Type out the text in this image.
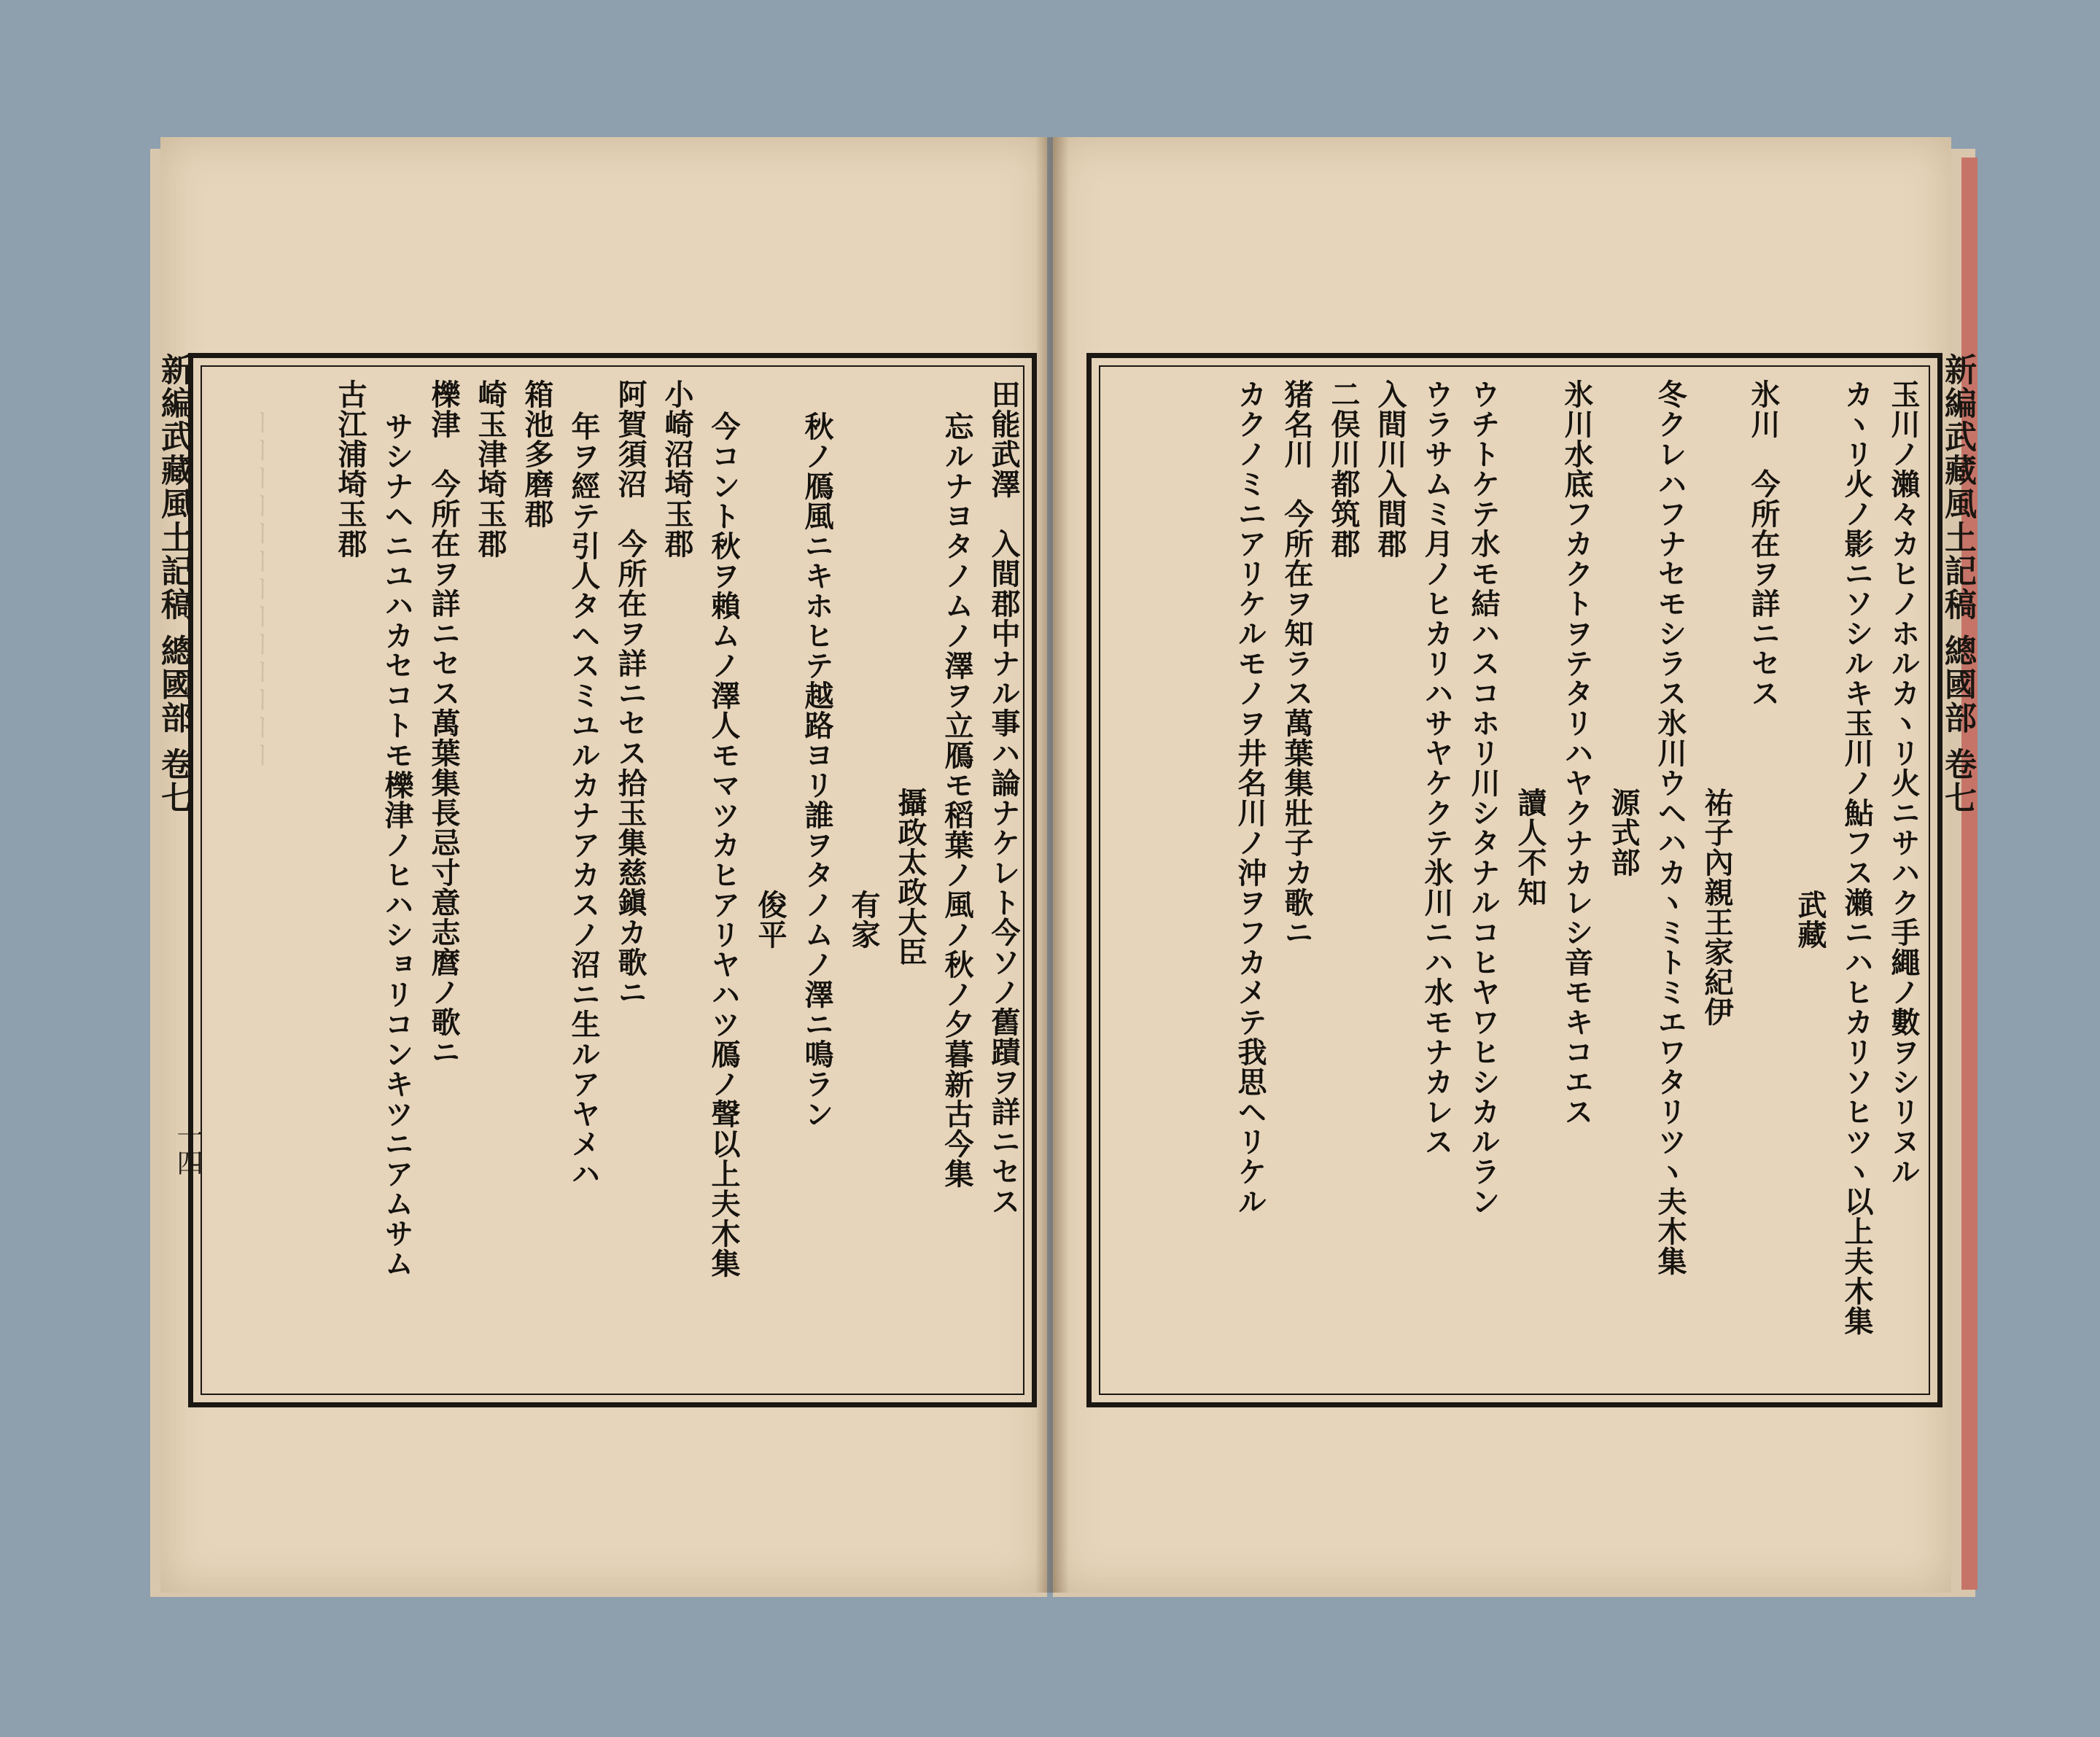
ーーーーーーーーーーーーー
新編武藏風土記稿 總國部 卷七
十四
新編武藏風土記稿 總國部 卷七
田能武澤　入間郡中ナル事ハ論ナケレト今ソノ舊蹟ヲ詳ニセス
忘ルナヨタノムノ澤ヲ立鴈モ稻葉ノ風ノ秋ノ夕暮新古今集
攝政太政大臣
有家
秋ノ鴈風ニキホヒテ越路ヨリ誰ヲタノムノ澤ニ鳴ラン
俊平
今コント秋ヲ賴ムノ澤人モマツカヒアリヤハツ鴈ノ聲以上夫木集
小崎沼埼玉郡
阿賀須沼　今所在ヲ詳ニセス拾玉集慈鎭カ歌ニ
年ヲ經テ引人タヘスミユルカナアカスノ沼ニ生ルアヤメハ
箱池多磨郡
崎玉津埼玉郡
櫟津　今所在ヲ詳ニセス萬葉集長忌寸意志麿ノ歌ニ
サシナヘニユハカセコトモ櫟津ノヒハショリコンキツニアムサム
古江浦埼玉郡	玉川ノ瀨々カヒノホルカヽリ火ニサハク手繩ノ數ヲシリヌル
カヽリ火ノ影ニソシルキ玉川ノ鮎フス瀨ニハヒカリソヒツヽ以上夫木集
武藏
氷川　今所在ヲ詳ニセス
祐子內親王家紀伊
冬クレハフナセモシラス氷川ウヘハカヽミトミエワタリツヽ夫木集
源式部
氷川水底フカクトヲテタリハヤクナカレシ音モキコエス
讀人不知
ウチトケテ水モ結ハスコホリ川シタナルコヒヤワヒシカルラン
ウラサムミ月ノヒカリハサヤケクテ氷川ニハ水モナカレス
入間川入間郡
二俣川都筑郡
猪名川　今所在ヲ知ラス萬葉集壯子カ歌ニ
カクノミニアリケルモノヲ井名川ノ沖ヲフカメテ我思ヘリケル
